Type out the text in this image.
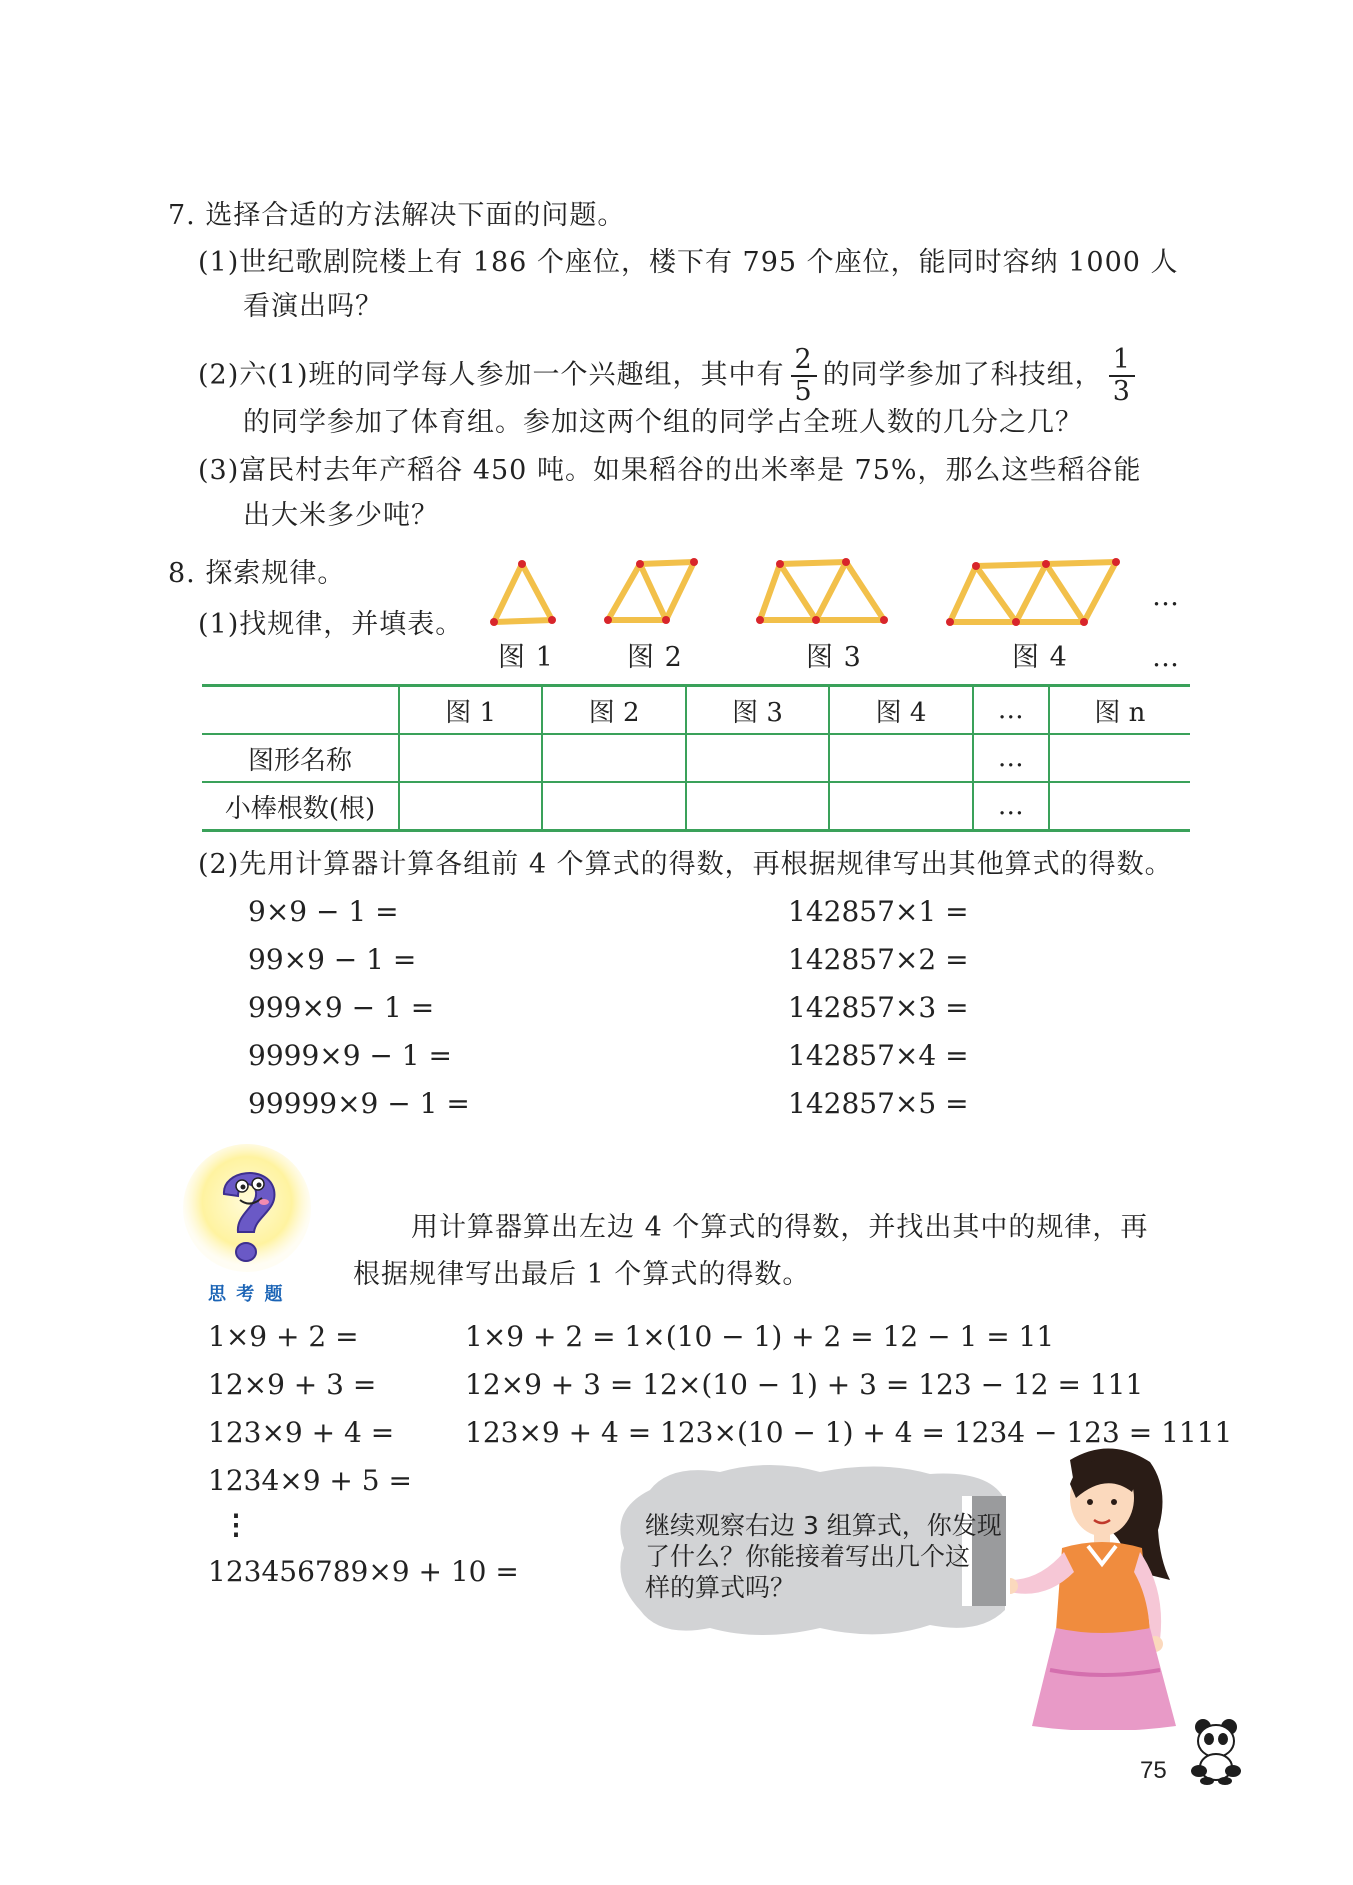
7. 选择合适的方法解决下面的问题。
(1)世纪歌剧院楼上有 186 个座位，楼下有 795 个座位，能同时容纳 1000 人
看演出吗？
(2)六(1)班的同学每人参加一个兴趣组，其中有 $\frac{2}{5}$ 的同学参加了科技组， $\frac{1}{3}$
的同学参加了体育组。参加这两个组的同学占全班人数的几分之几？
(3)富民村去年产稻谷 450 吨。如果稻谷的出米率是 75%，那么这些稻谷能
出大米多少吨？
8. 探索规律。
(1)找规律，并填表。
…
图 1	图 2	图 3	图 4	…
	图 1	图 2	图 3	图 4	…	图 n
图形名称					…	
小棒根数(根)					…	
(2)先用计算器计算各组前 4 个算式的得数，再根据规律写出其他算式的得数。
9×9 − 1 =
99×9 − 1 =
999×9 − 1 =
9999×9 − 1 =
99999×9 − 1 =
142857×1 =
142857×2 =
142857×3 =
142857×4 =
142857×5 =
思 考 题
用计算器算出左边 4 个算式的得数，并找出其中的规律，再
根据规律写出最后 1 个算式的得数。
1×9 + 2 =
12×9 + 3 =
123×9 + 4 =
1234×9 + 5 =
⋮
123456789×9 + 10 =
1×9 + 2 = 1×(10 − 1) + 2 = 12 − 1 = 11
12×9 + 3 = 12×(10 − 1) + 3 = 123 − 12 = 111
123×9 + 4 = 123×(10 − 1) + 4 = 1234 − 123 = 1111
继续观察右边 3 组算式，你发现
了什么？你能接着写出几个这
样的算式吗？
75
